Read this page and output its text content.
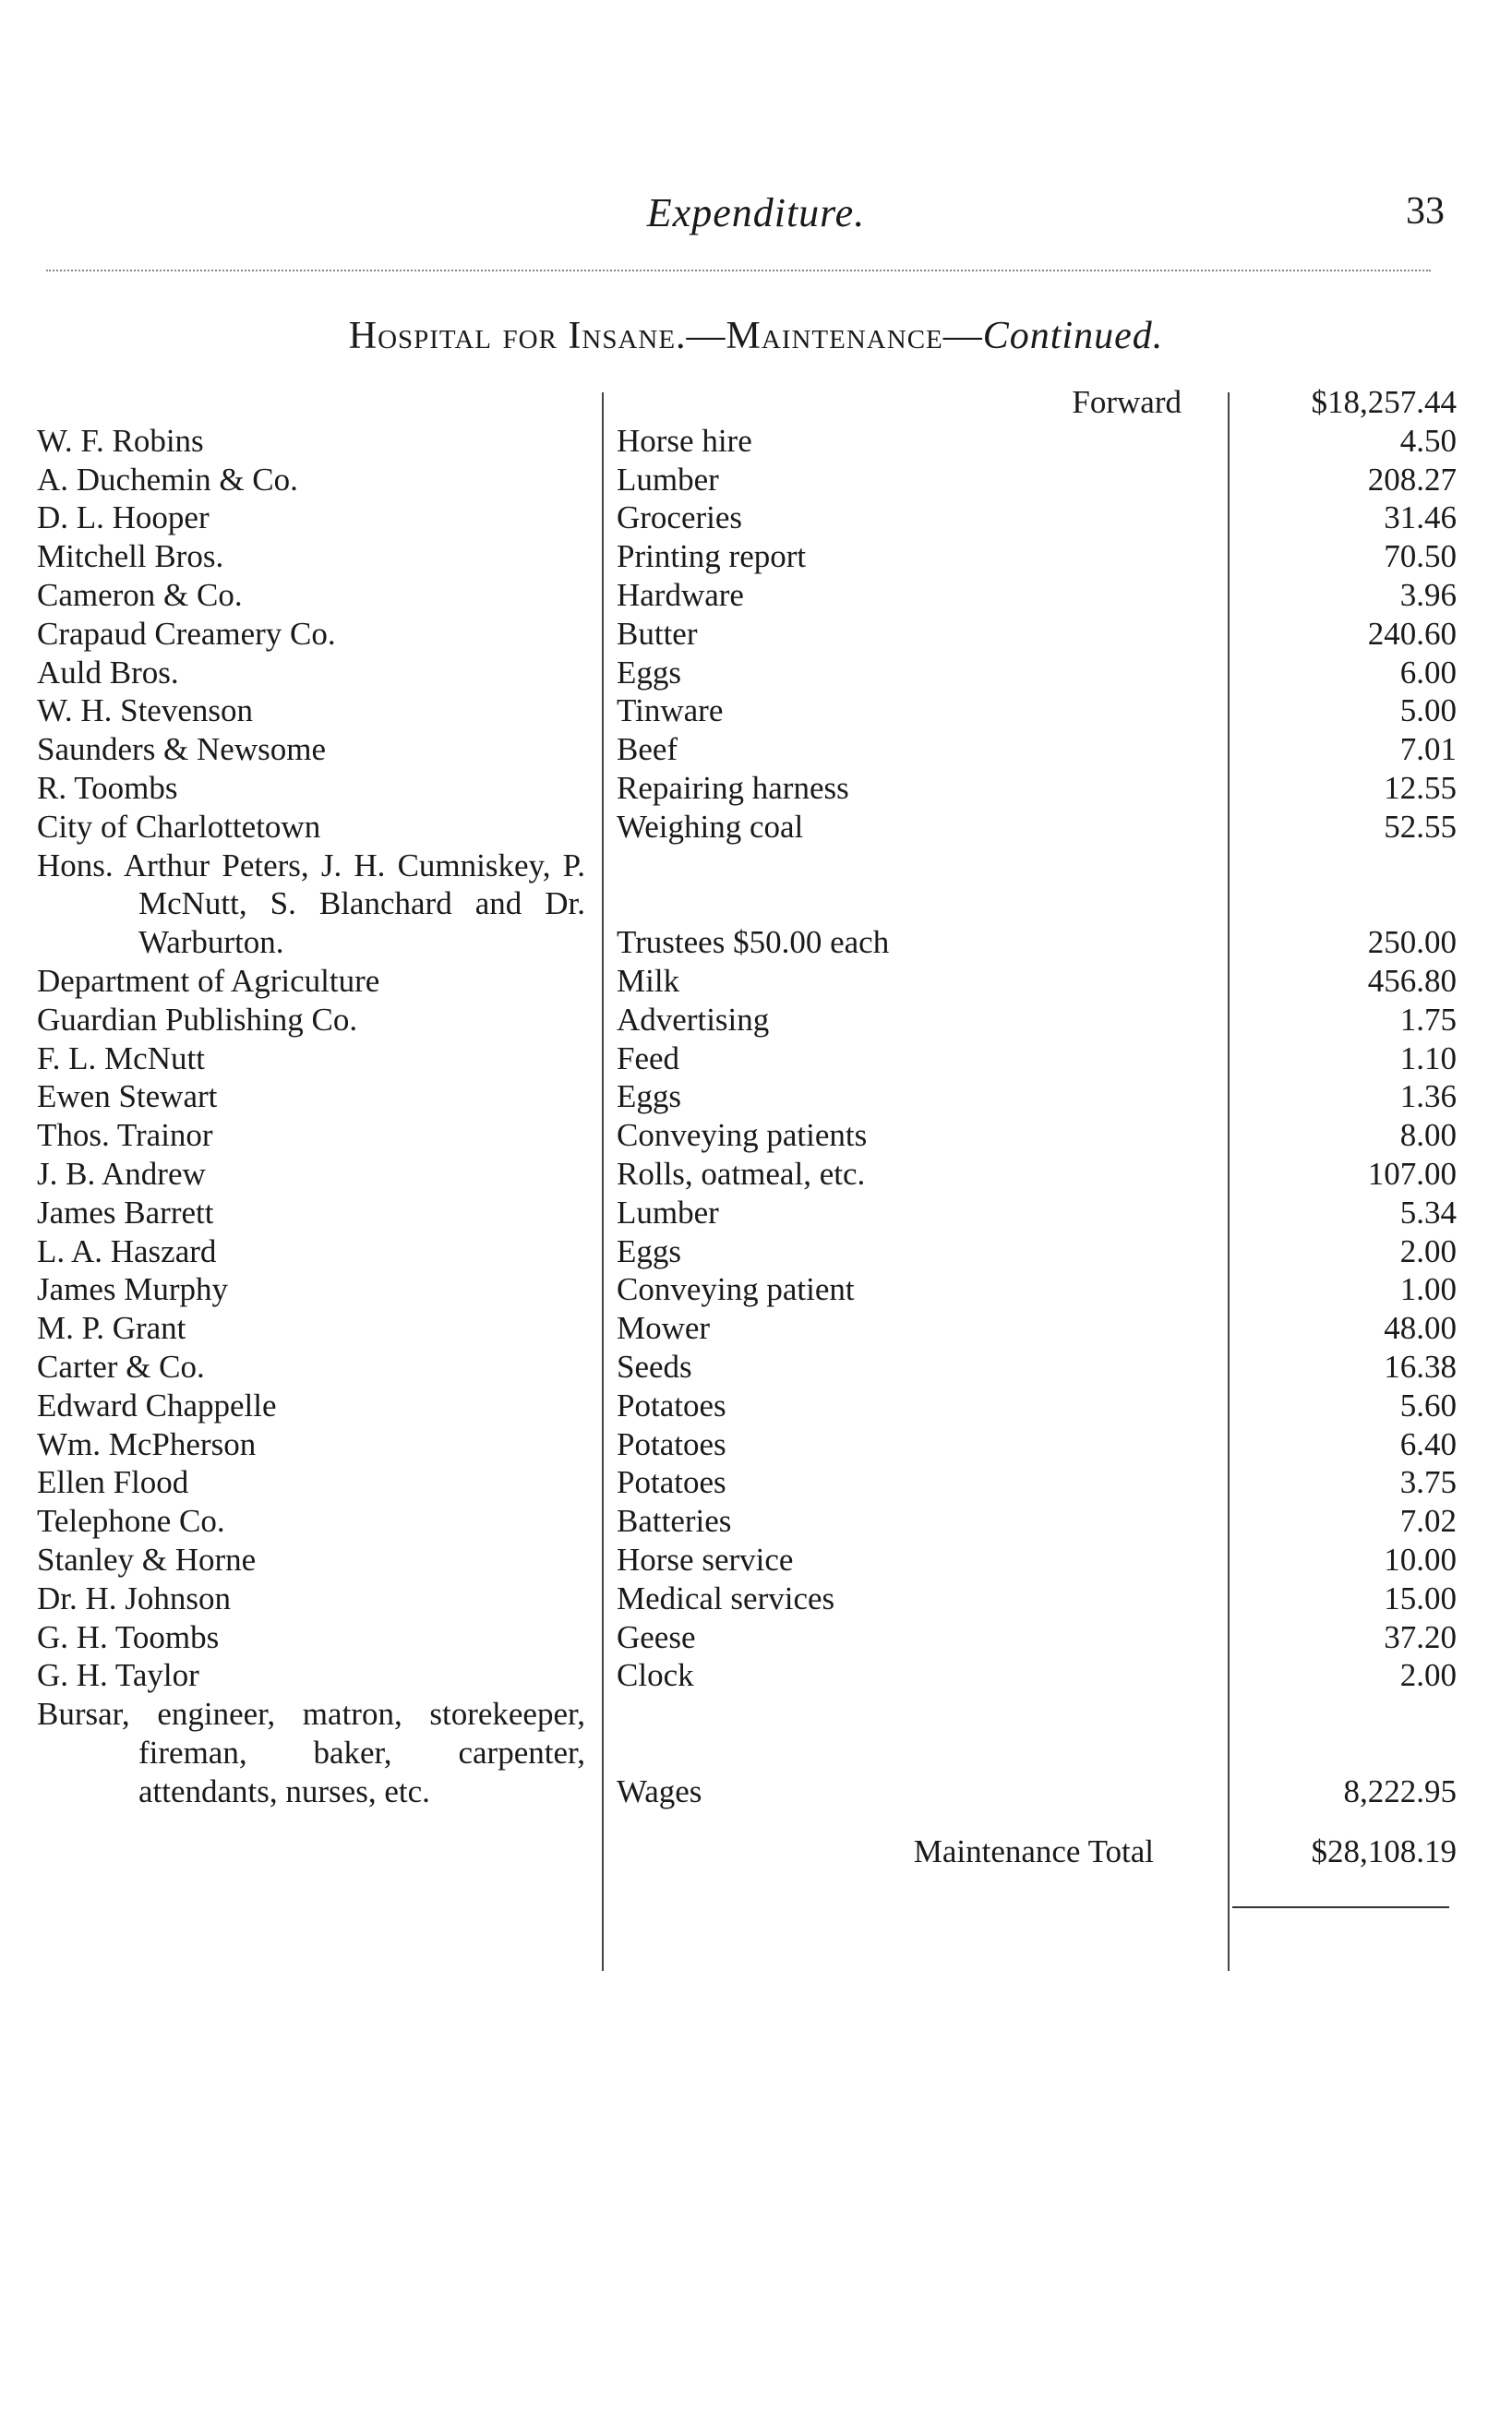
Expenditure.	33
Hospital for Insane.—Maintenance—Continued.
Forward	$18,257.44
W. F. Robins	Horse hire	4.50
A. Duchemin & Co.	Lumber	208.27
D. L. Hooper	Groceries	31.46
Mitchell Bros.	Printing report	70.50
Cameron & Co.	Hardware	3.96
Crapaud Creamery Co.	Butter	240.60
Auld Bros.	Eggs	6.00
W. H. Stevenson	Tinware	5.00
Saunders & Newsome	Beef	7.01
R. Toombs	Repairing harness	12.55
City of Charlottetown	Weighing coal	52.55
Hons. Arthur Peters, J. H. Cumniskey, P. McNutt, S. Blanchard and Dr. Warburton.	Trustees $50.00 each	250.00
Department of Agriculture	Milk	456.80
Guardian Publishing Co.	Advertising	1.75
F. L. McNutt	Feed	1.10
Ewen Stewart	Eggs	1.36
Thos. Trainor	Conveying patients	8.00
J. B. Andrew	Rolls, oatmeal, etc.	107.00
James Barrett	Lumber	5.34
L. A. Haszard	Eggs	2.00
James Murphy	Conveying patient	1.00
M. P. Grant	Mower	48.00
Carter & Co.	Seeds	16.38
Edward Chappelle	Potatoes	5.60
Wm. McPherson	Potatoes	6.40
Ellen Flood	Potatoes	3.75
Telephone Co.	Batteries	7.02
Stanley & Horne	Horse service	10.00
Dr. H. Johnson	Medical services	15.00
G. H. Toombs	Geese	37.20
G. H. Taylor	Clock	2.00
Bursar, engineer, matron, storekeeper, fireman, baker, carpenter, attendants, nurses, etc.	Wages	8,222.95
Maintenance Total	$28,108.19
